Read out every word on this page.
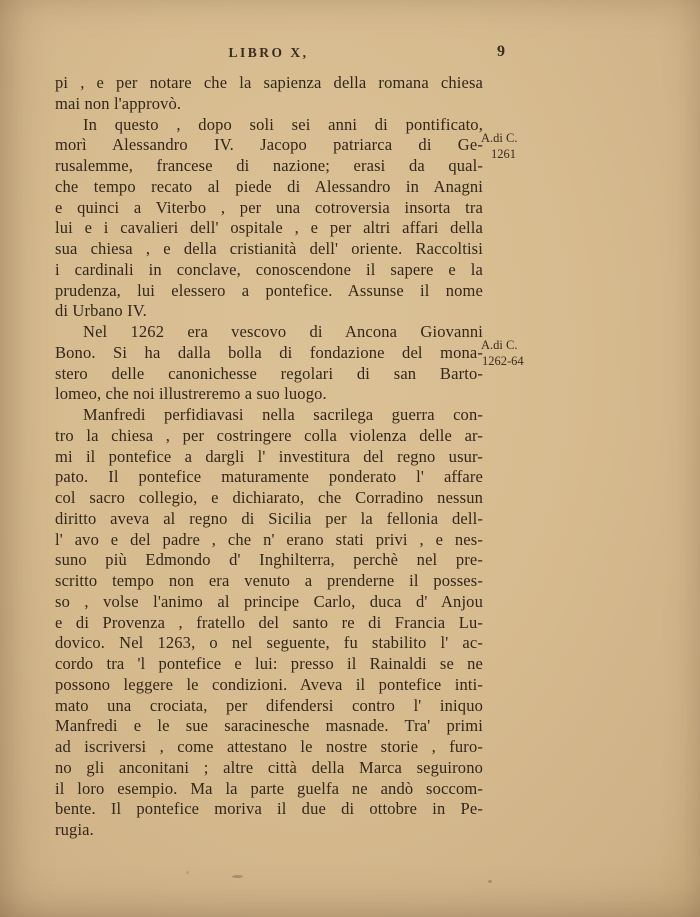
LIBRO X,	9
pi , e per notare che la sapienza della romana chiesa
mai non l'approvò.
In questo , dopo soli sei anni di pontificato,
morì Alessandro IV. Jacopo patriarca di Ge-
rusalemme, francese di nazione; erasi da qual-
che tempo recato al piede di Alessandro in Anagni
e quinci a Viterbo , per una cotroversia insorta tra
lui e i cavalieri dell' ospitale , e per altri affari della
sua chiesa , e della cristianità dell' oriente. Raccoltisi
i cardinali in conclave, conoscendone il sapere e la
prudenza, lui elessero a pontefice. Assunse il nome
di Urbano IV.
Nel 1262 era vescovo di Ancona Giovanni
Bono. Si ha dalla bolla di fondazione del mona-
stero delle canonichesse regolari di san Barto-
lomeo, che noi illustreremo a suo luogo.
Manfredi perfidiavasi nella sacrilega guerra con-
tro la chiesa , per costringere colla violenza delle ar-
mi il pontefice a dargli l' investitura del regno usur-
pato. Il pontefice maturamente ponderato l' affare
col sacro collegio, e dichiarato, che Corradino nessun
diritto aveva al regno di Sicilia per la fellonia dell-
l' avo e del padre , che n' erano stati privi , e nes-
suno più Edmondo d' Inghilterra, perchè nel pre-
scritto tempo non era venuto a prenderne il posses-
so , volse l'animo al principe Carlo, duca d' Anjou
e di Provenza , fratello del santo re di Francia Lu-
dovico. Nel 1263, o nel seguente, fu stabilito l' ac-
cordo tra 'l pontefice e lui: presso il Rainaldi se ne
possono leggere le condizioni. Aveva il pontefice inti-
mato una crociata, per difendersi contro l' iniquo
Manfredi e le sue saracinesche masnade. Tra' primi
ad iscriversi , come attestano le nostre storie , furo-
no gli anconitani ; altre città della Marca seguirono
il loro esempio. Ma la parte guelfa ne andò soccom-
bente. Il pontefice moriva il due di ottobre in Pe-
rugia.
A.di C.
1261
A.di C.
1262-64
